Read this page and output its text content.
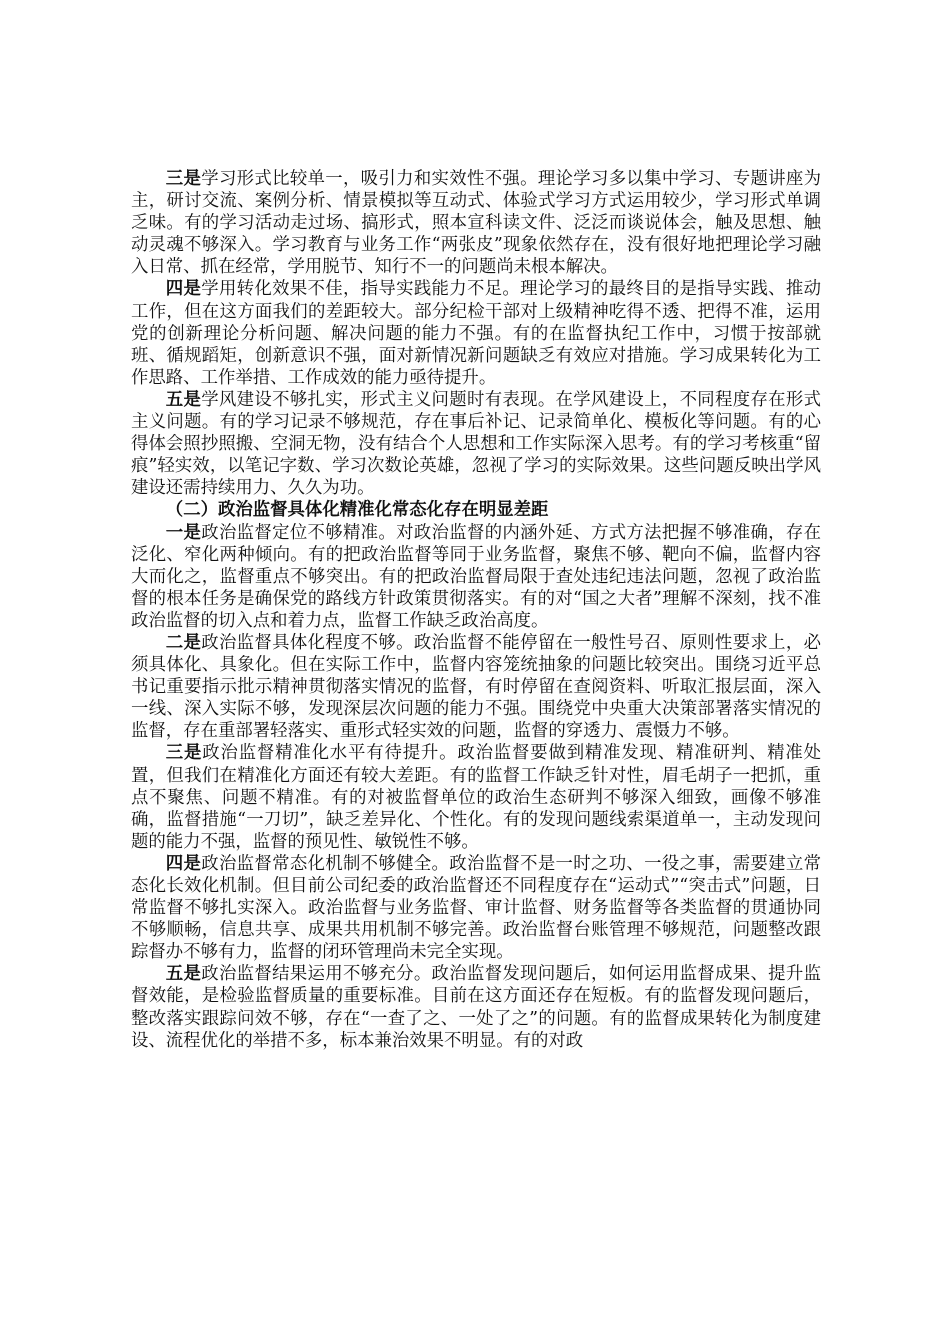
三是学习形式比较单一，吸引力和实效性不强。理论学习多以集中学习、专题讲座为主，研讨交流、案例分析、情景模拟等互动式、体验式学习方式运用较少，学习形式单调乏味。有的学习活动走过场、搞形式，照本宣科读文件、泛泛而谈说体会，触及思想、触动灵魂不够深入。学习教育与业务工作“两张皮”现象依然存在，没有很好地把理论学习融入日常、抓在经常，学用脱节、知行不一的问题尚未根本解决。

四是学用转化效果不佳，指导实践能力不足。理论学习的最终目的是指导实践、推动工作，但在这方面我们的差距较大。部分纪检干部对上级精神吃得不透、把得不准，运用党的创新理论分析问题、解决问题的能力不强。有的在监督执纪工作中，习惯于按部就班、循规蹈矩，创新意识不强，面对新情况新问题缺乏有效应对措施。学习成果转化为工作思路、工作举措、工作成效的能力亟待提升。

五是学风建设不够扎实，形式主义问题时有表现。在学风建设上，不同程度存在形式主义问题。有的学习记录不够规范，存在事后补记、记录简单化、模板化等问题。有的心得体会照抄照搬、空洞无物，没有结合个人思想和工作实际深入思考。有的学习考核重“留痕”轻实效，以笔记字数、学习次数论英雄，忽视了学习的实际效果。这些问题反映出学风建设还需持续用力、久久为功。

（二）政治监督具体化精准化常态化存在明显差距

一是政治监督定位不够精准。对政治监督的内涵外延、方式方法把握不够准确，存在泛化、窄化两种倾向。有的把政治监督等同于业务监督，聚焦不够、靶向不偏，监督内容大而化之，监督重点不够突出。有的把政治监督局限于查处违纪违法问题，忽视了政治监督的根本任务是确保党的路线方针政策贯彻落实。有的对“国之大者”理解不深刻，找不准政治监督的切入点和着力点，监督工作缺乏政治高度。

二是政治监督具体化程度不够。政治监督不能停留在一般性号召、原则性要求上，必须具体化、具象化。但在实际工作中，监督内容笼统抽象的问题比较突出。围绕习近平总书记重要指示批示精神贯彻落实情况的监督，有时停留在查阅资料、听取汇报层面，深入一线、深入实际不够，发现深层次问题的能力不强。围绕党中央重大决策部署落实情况的监督，存在重部署轻落实、重形式轻实效的问题，监督的穿透力、震慑力不够。

三是政治监督精准化水平有待提升。政治监督要做到精准发现、精准研判、精准处置，但我们在精准化方面还有较大差距。有的监督工作缺乏针对性，眉毛胡子一把抓，重点不聚焦、问题不精准。有的对被监督单位的政治生态研判不够深入细致，画像不够准确，监督措施“一刀切”，缺乏差异化、个性化。有的发现问题线索渠道单一，主动发现问题的能力不强，监督的预见性、敏锐性不够。

四是政治监督常态化机制不够健全。政治监督不是一时之功、一役之事，需要建立常态化长效化机制。但目前公司纪委的政治监督还不同程度存在“运动式”“突击式”问题，日常监督不够扎实深入。政治监督与业务监督、审计监督、财务监督等各类监督的贯通协同不够顺畅，信息共享、成果共用机制不够完善。政治监督台账管理不够规范，问题整改跟踪督办不够有力，监督的闭环管理尚未完全实现。

五是政治监督结果运用不够充分。政治监督发现问题后，如何运用监督成果、提升监督效能，是检验监督质量的重要标准。目前在这方面还存在短板。有的监督发现问题后，整改落实跟踪问效不够，存在“一查了之、一处了之”的问题。有的监督成果转化为制度建设、流程优化的举措不多，标本兼治效果不明显。有的对政
